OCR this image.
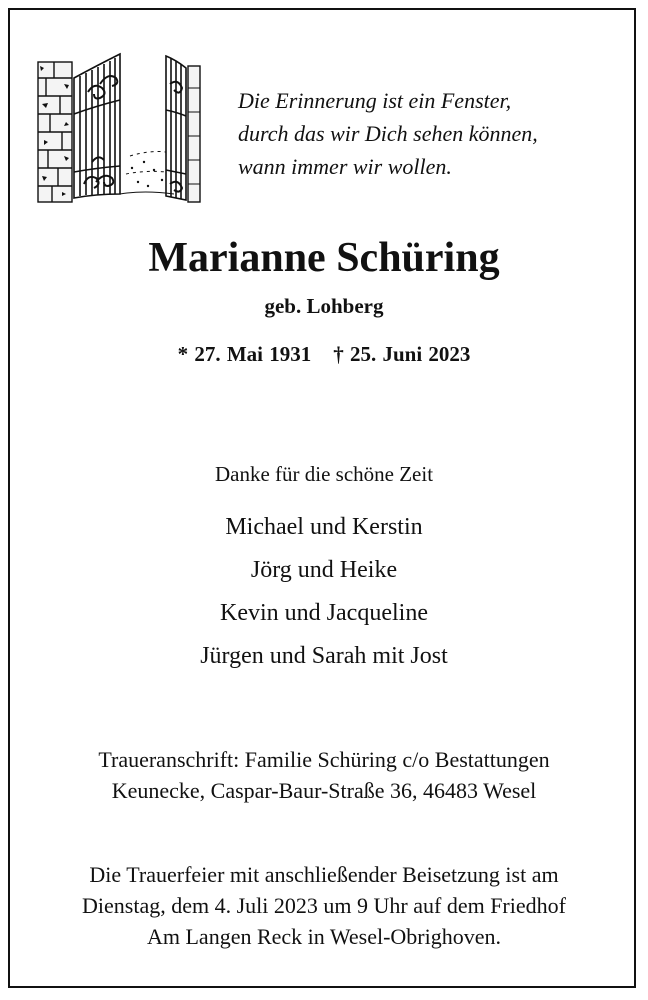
Die Erinnerung ist ein Fenster,
durch das wir Dich sehen können,
wann immer wir wollen.
Marianne Schüring
geb. Lohberg
* 27. Mai 1931 † 25. Juni 2023
Danke für die schöne Zeit
Michael und Kerstin
Jörg und Heike
Kevin und Jacqueline
Jürgen und Sarah mit Jost
Traueranschrift: Familie Schüring c/o Bestattungen
Keunecke, Caspar-Baur-Straße 36, 46483 Wesel
Die Trauerfeier mit anschließender Beisetzung ist am
Dienstag, dem 4. Juli 2023 um 9 Uhr auf dem Friedhof
Am Langen Reck in Wesel-Obrighoven.
